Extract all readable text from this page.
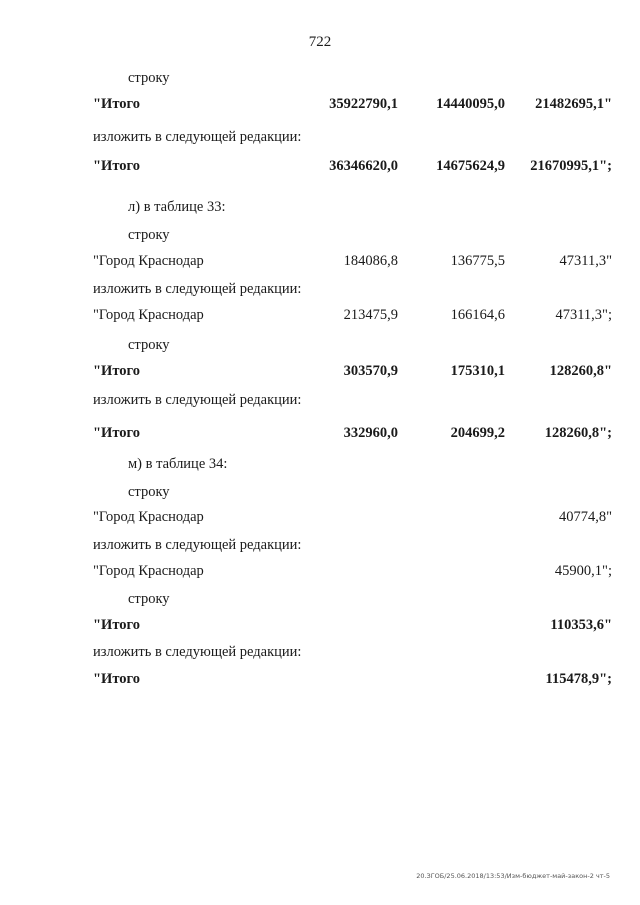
722
строку
"Итого	35922790,1	14440095,0 21482695,1"
изложить в следующей редакции:
"Итого	36346620,0	14675624,9 21670995,1";
л) в таблице 33:
строку
"Город Краснодар	184086,8	136775,5	47311,3"
изложить в следующей редакции:
"Город Краснодар	213475,9	166164,6	47311,3";
строку
"Итого	303570,9	175310,1	128260,8"
изложить в следующей редакции:
"Итого	332960,0	204699,2	128260,8";
м) в таблице 34:
строку
"Город Краснодар	40774,8"
изложить в следующей редакции:
"Город Краснодар	45900,1";
строку
"Итого	110353,6"
изложить в следующей редакции:
"Итого	115478,9";
20.ЗГОБ/25.06.2018/13:53/Изм-бюджет-май-закон-2 чт-5
